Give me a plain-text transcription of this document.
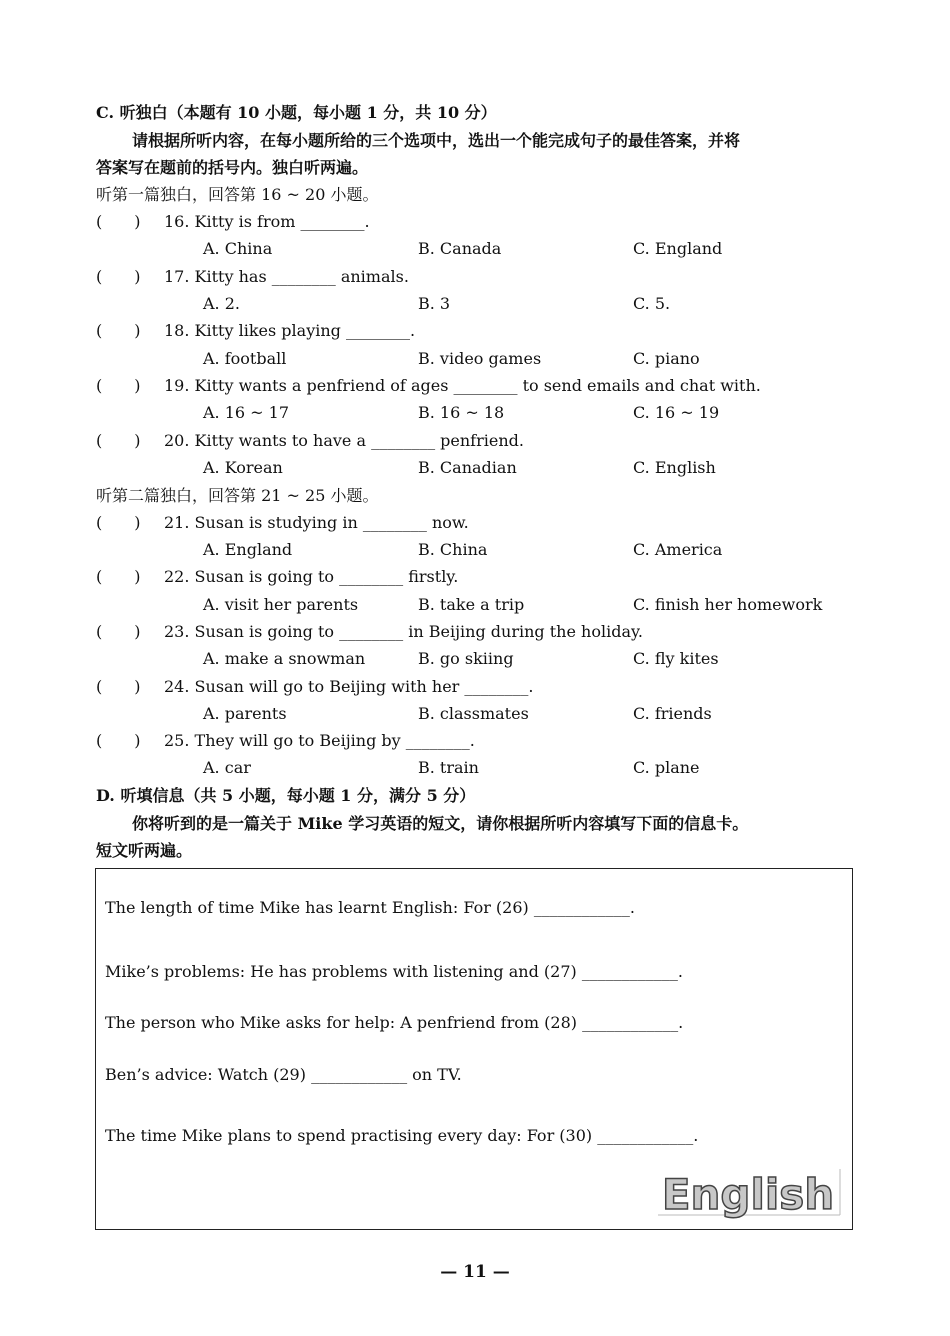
C. 听独白（本题有 10 小题，每小题 1 分，共 10 分）
请根据所听内容，在每小题所给的三个选项中，选出一个能完成句子的最佳答案，并将
答案写在题前的括号内。独白听两遍。
听第一篇独白，回答第 16 ~ 20 小题。
(　　) 16. Kitty is from ________.
A. China	B. Canada	C. England
(　　) 17. Kitty has ________ animals.
A. 2.	B. 3	C. 5.
(　　) 18. Kitty likes playing ________.
A. football	B. video games	C. piano
(　　) 19. Kitty wants a penfriend of ages ________ to send emails and chat with.
A. 16 ~ 17	B. 16 ~ 18	C. 16 ~ 19
(　　) 20. Kitty wants to have a ________ penfriend.
A. Korean	B. Canadian	C. English
听第二篇独白，回答第 21 ~ 25 小题。
(　　) 21. Susan is studying in ________ now.
A. England	B. China	C. America
(　　) 22. Susan is going to ________ firstly.
A. visit her parents	B. take a trip	C. finish her homework
(　　) 23. Susan is going to ________ in Beijing during the holiday.
A. make a snowman	B. go skiing	C. fly kites
(　　) 24. Susan will go to Beijing with her ________.
A. parents	B. classmates	C. friends
(　　) 25. They will go to Beijing by ________.
A. car	B. train	C. plane
D. 听填信息（共 5 小题，每小题 1 分，满分 5 分）
你将听到的是一篇关于 Mike 学习英语的短文，请你根据所听内容填写下面的信息卡。
短文听两遍。
The length of time Mike has learnt English: For (26) ____________.
Mike’s problems: He has problems with listening and (27) ____________.
The person who Mike asks for help: A penfriend from (28) ____________.
Ben’s advice: Watch (29) ____________ on TV.
The time Mike plans to spend practising every day: For (30) ____________.
English
— 11 —
